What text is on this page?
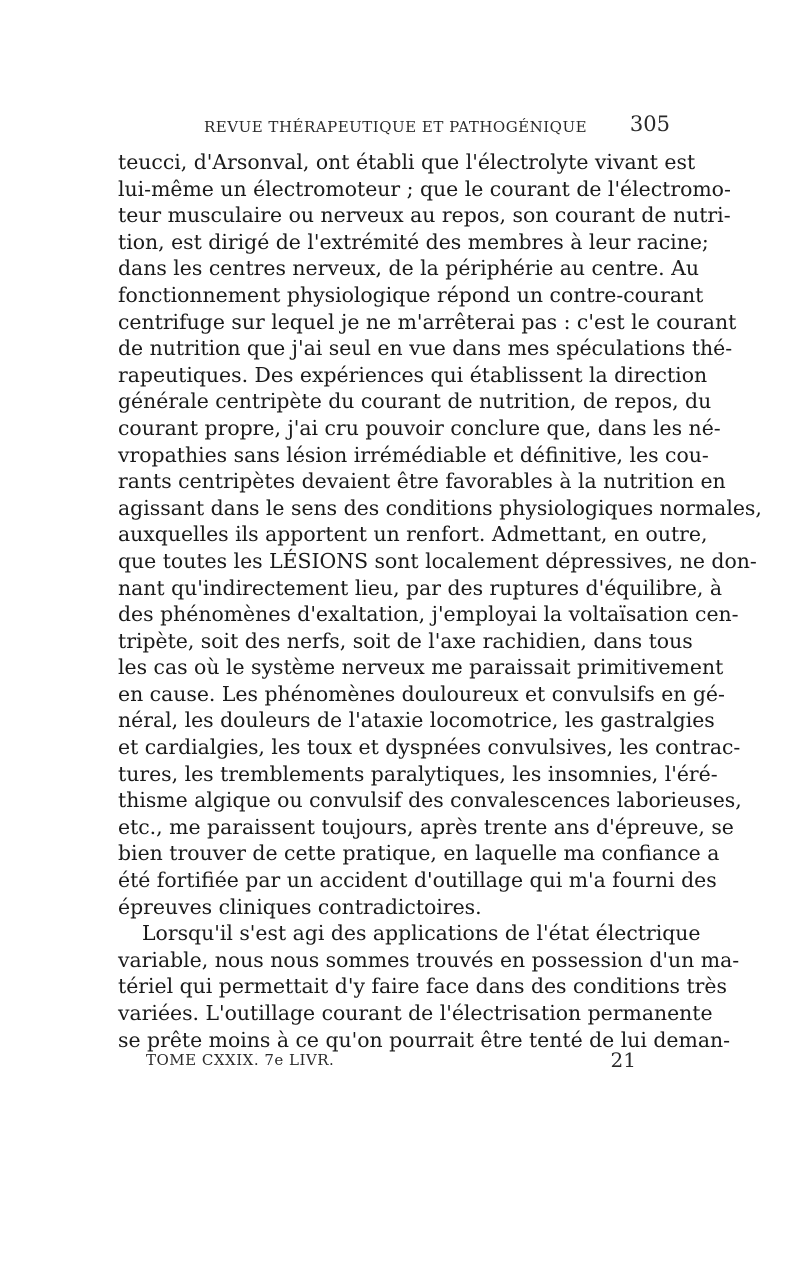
REVUE THÉRAPEUTIQUE ET PATHOGÉNIQUE 305

teucci, d'Arsonval, ont établi que l'électrolyte vivant est
lui-même un électromoteur ; que le courant de l'électromo-
teur musculaire ou nerveux au repos, son courant de nutri-
tion, est dirigé de l'extrémité des membres à leur racine;
dans les centres nerveux, de la périphérie au centre. Au
fonctionnement physiologique répond un contre-courant
centrifuge sur lequel je ne m'arrêterai pas : c'est le courant
de nutrition que j'ai seul en vue dans mes spéculations thé-
rapeutiques. Des expériences qui établissent la direction
générale centripète du courant de nutrition, de repos, du
courant propre, j'ai cru pouvoir conclure que, dans les né-
vropathies sans lésion irrémédiable et définitive, les cou-
rants centripètes devaient être favorables à la nutrition en
agissant dans le sens des conditions physiologiques normales,
auxquelles ils apportent un renfort. Admettant, en outre,
que toutes les LÉSIONS sont localement dépressives, ne don-
nant qu'indirectement lieu, par des ruptures d'équilibre, à
des phénomènes d'exaltation, j'employai la voltaïsation cen-
tripète, soit des nerfs, soit de l'axe rachidien, dans tous
les cas où le système nerveux me paraissait primitivement
en cause. Les phénomènes douloureux et convulsifs en gé-
néral, les douleurs de l'ataxie locomotrice, les gastralgies
et cardialgies, les toux et dyspnées convulsives, les contrac-
tures, les tremblements paralytiques, les insomnies, l'éré-
thisme algique ou convulsif des convalescences laborieuses,
etc., me paraissent toujours, après trente ans d'épreuve, se
bien trouver de cette pratique, en laquelle ma confiance a
été fortifiée par un accident d'outillage qui m'a fourni des
épreuves cliniques contradictoires.

Lorsqu'il s'est agi des applications de l'état électrique
variable, nous nous sommes trouvés en possession d'un ma-
tériel qui permettait d'y faire face dans des conditions très
variées. L'outillage courant de l'électrisation permanente
se prête moins à ce qu'on pourrait être tenté de lui deman-

TOME CXXIX. 7e LIVR.	21
